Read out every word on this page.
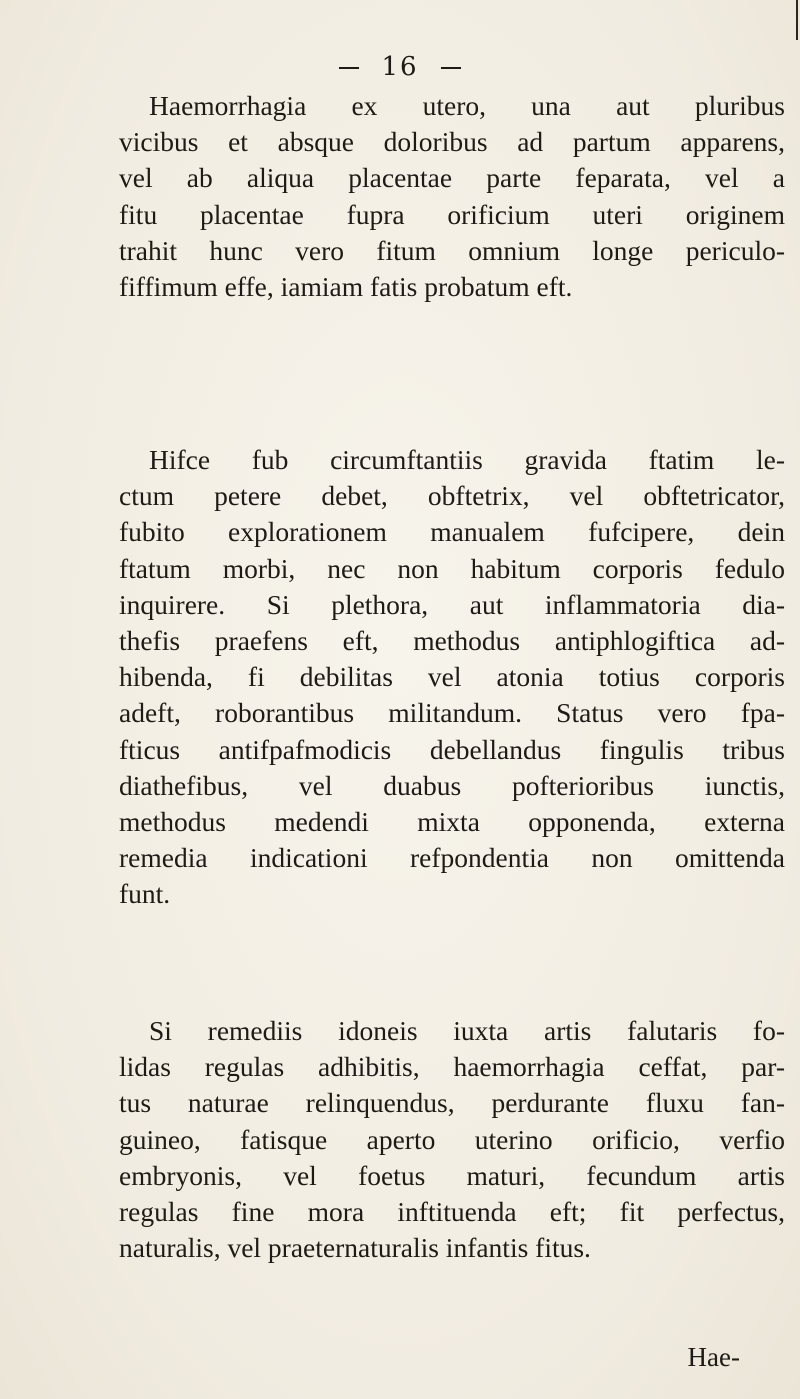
16
Haemorrhagia ex utero, una aut pluribus
vicibus et absque doloribus ad partum apparens,
vel ab aliqua placentae parte feparata, vel a
fitu placentae fupra orificium uteri originem
trahit hunc vero fitum omnium longe periculo-
fiffimum effe, iamiam fatis probatum eft.
Hifce fub circumftantiis gravida ftatim le-
ctum petere debet, obftetrix, vel obftetricator,
fubito explorationem manualem fufcipere, dein
ftatum morbi, nec non habitum corporis fedulo
inquirere. Si plethora, aut inflammatoria dia-
thefis praefens eft, methodus antiphlogiftica ad-
hibenda, fi debilitas vel atonia totius corporis
adeft, roborantibus militandum. Status vero fpa-
fticus antifpafmodicis debellandus fingulis tribus
diathefibus, vel duabus pofterioribus iunctis,
methodus medendi mixta opponenda, externa
remedia indicationi refpondentia non omittenda
funt.
Si remediis idoneis iuxta artis falutaris fo-
lidas regulas adhibitis, haemorrhagia ceffat, par-
tus naturae relinquendus, perdurante fluxu fan-
guineo, fatisque aperto uterino orificio, verfio
embryonis, vel foetus maturi, fecundum artis
regulas fine mora inftituenda eft; fit perfectus,
naturalis, vel praeternaturalis infantis fitus.
Hae-
